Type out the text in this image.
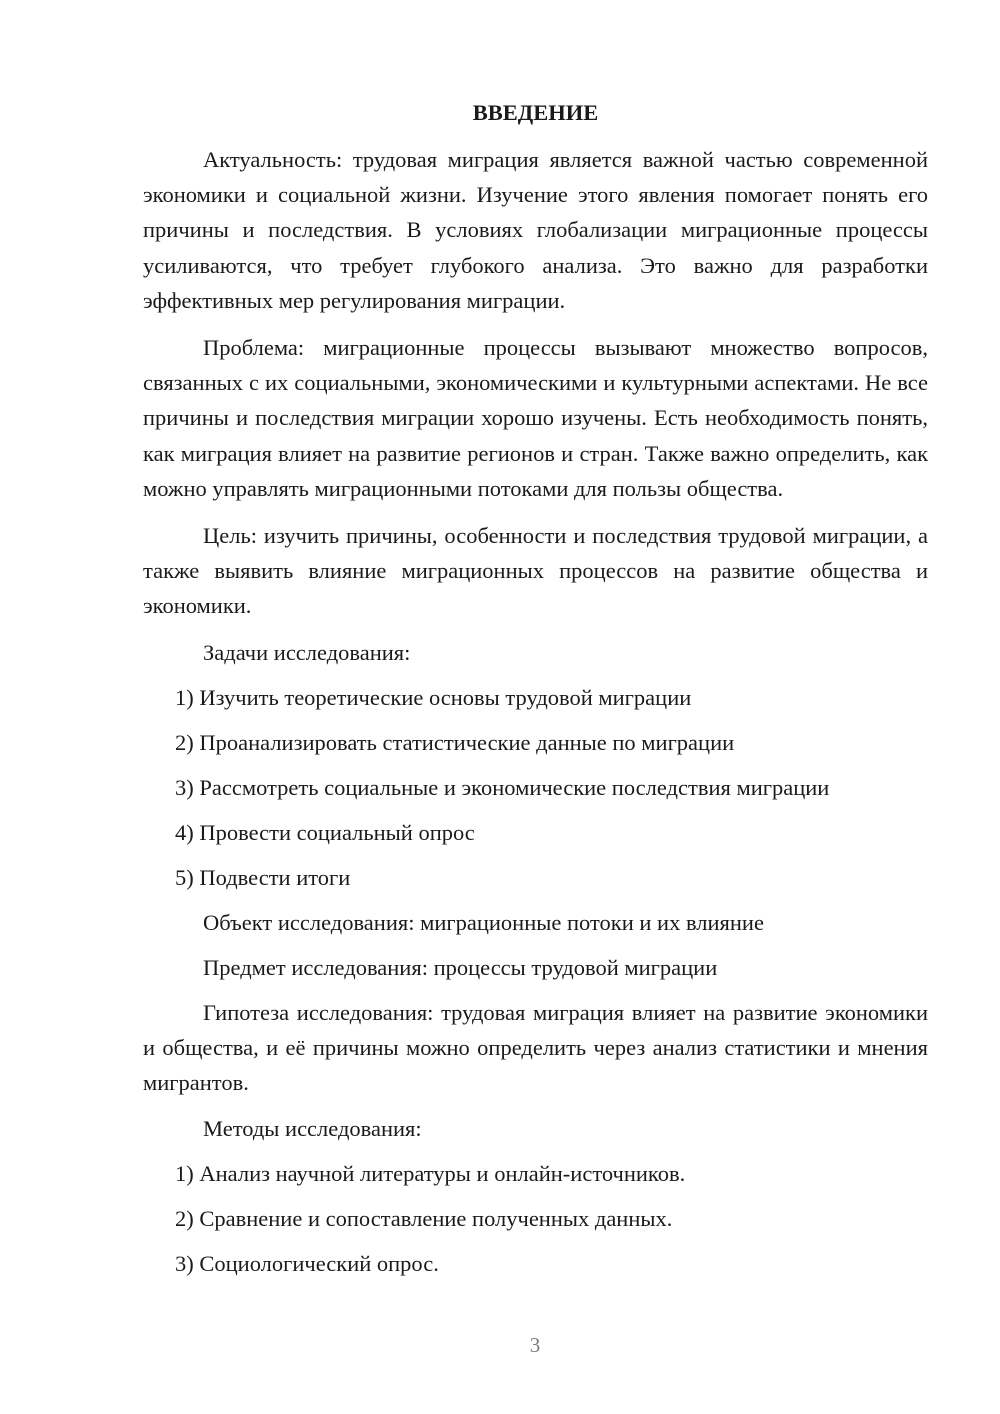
ВВЕДЕНИЕ

Актуальность: трудовая миграция является важной частью современной экономики и социальной жизни. Изучение этого явления помогает понять его причины и последствия. В условиях глобализации миграционные процессы усиливаются, что требует глубокого анализа. Это важно для разработки эффективных мер регулирования миграции.

Проблема: миграционные процессы вызывают множество вопросов, связанных с их социальными, экономическими и культурными аспектами. Не все причины и последствия миграции хорошо изучены. Есть необходимость понять, как миграция влияет на развитие регионов и стран. Также важно определить, как можно управлять миграционными потоками для пользы общества.

Цель: изучить причины, особенности и последствия трудовой миграции, а также выявить влияние миграционных процессов на развитие общества и экономики.

Задачи исследования:

1) Изучить теоретические основы трудовой миграции

2) Проанализировать статистические данные по миграции

3) Рассмотреть социальные и экономические последствия миграции

4) Провести социальный опрос

5) Подвести итоги

Объект исследования: миграционные потоки и их влияние

Предмет исследования: процессы трудовой миграции

Гипотеза исследования: трудовая миграция влияет на развитие экономики и общества, и её причины можно определить через анализ статистики и мнения мигрантов.

Методы исследования:

1) Анализ научной литературы и онлайн-источников.

2) Сравнение и сопоставление полученных данных.

3) Социологический опрос.

3
